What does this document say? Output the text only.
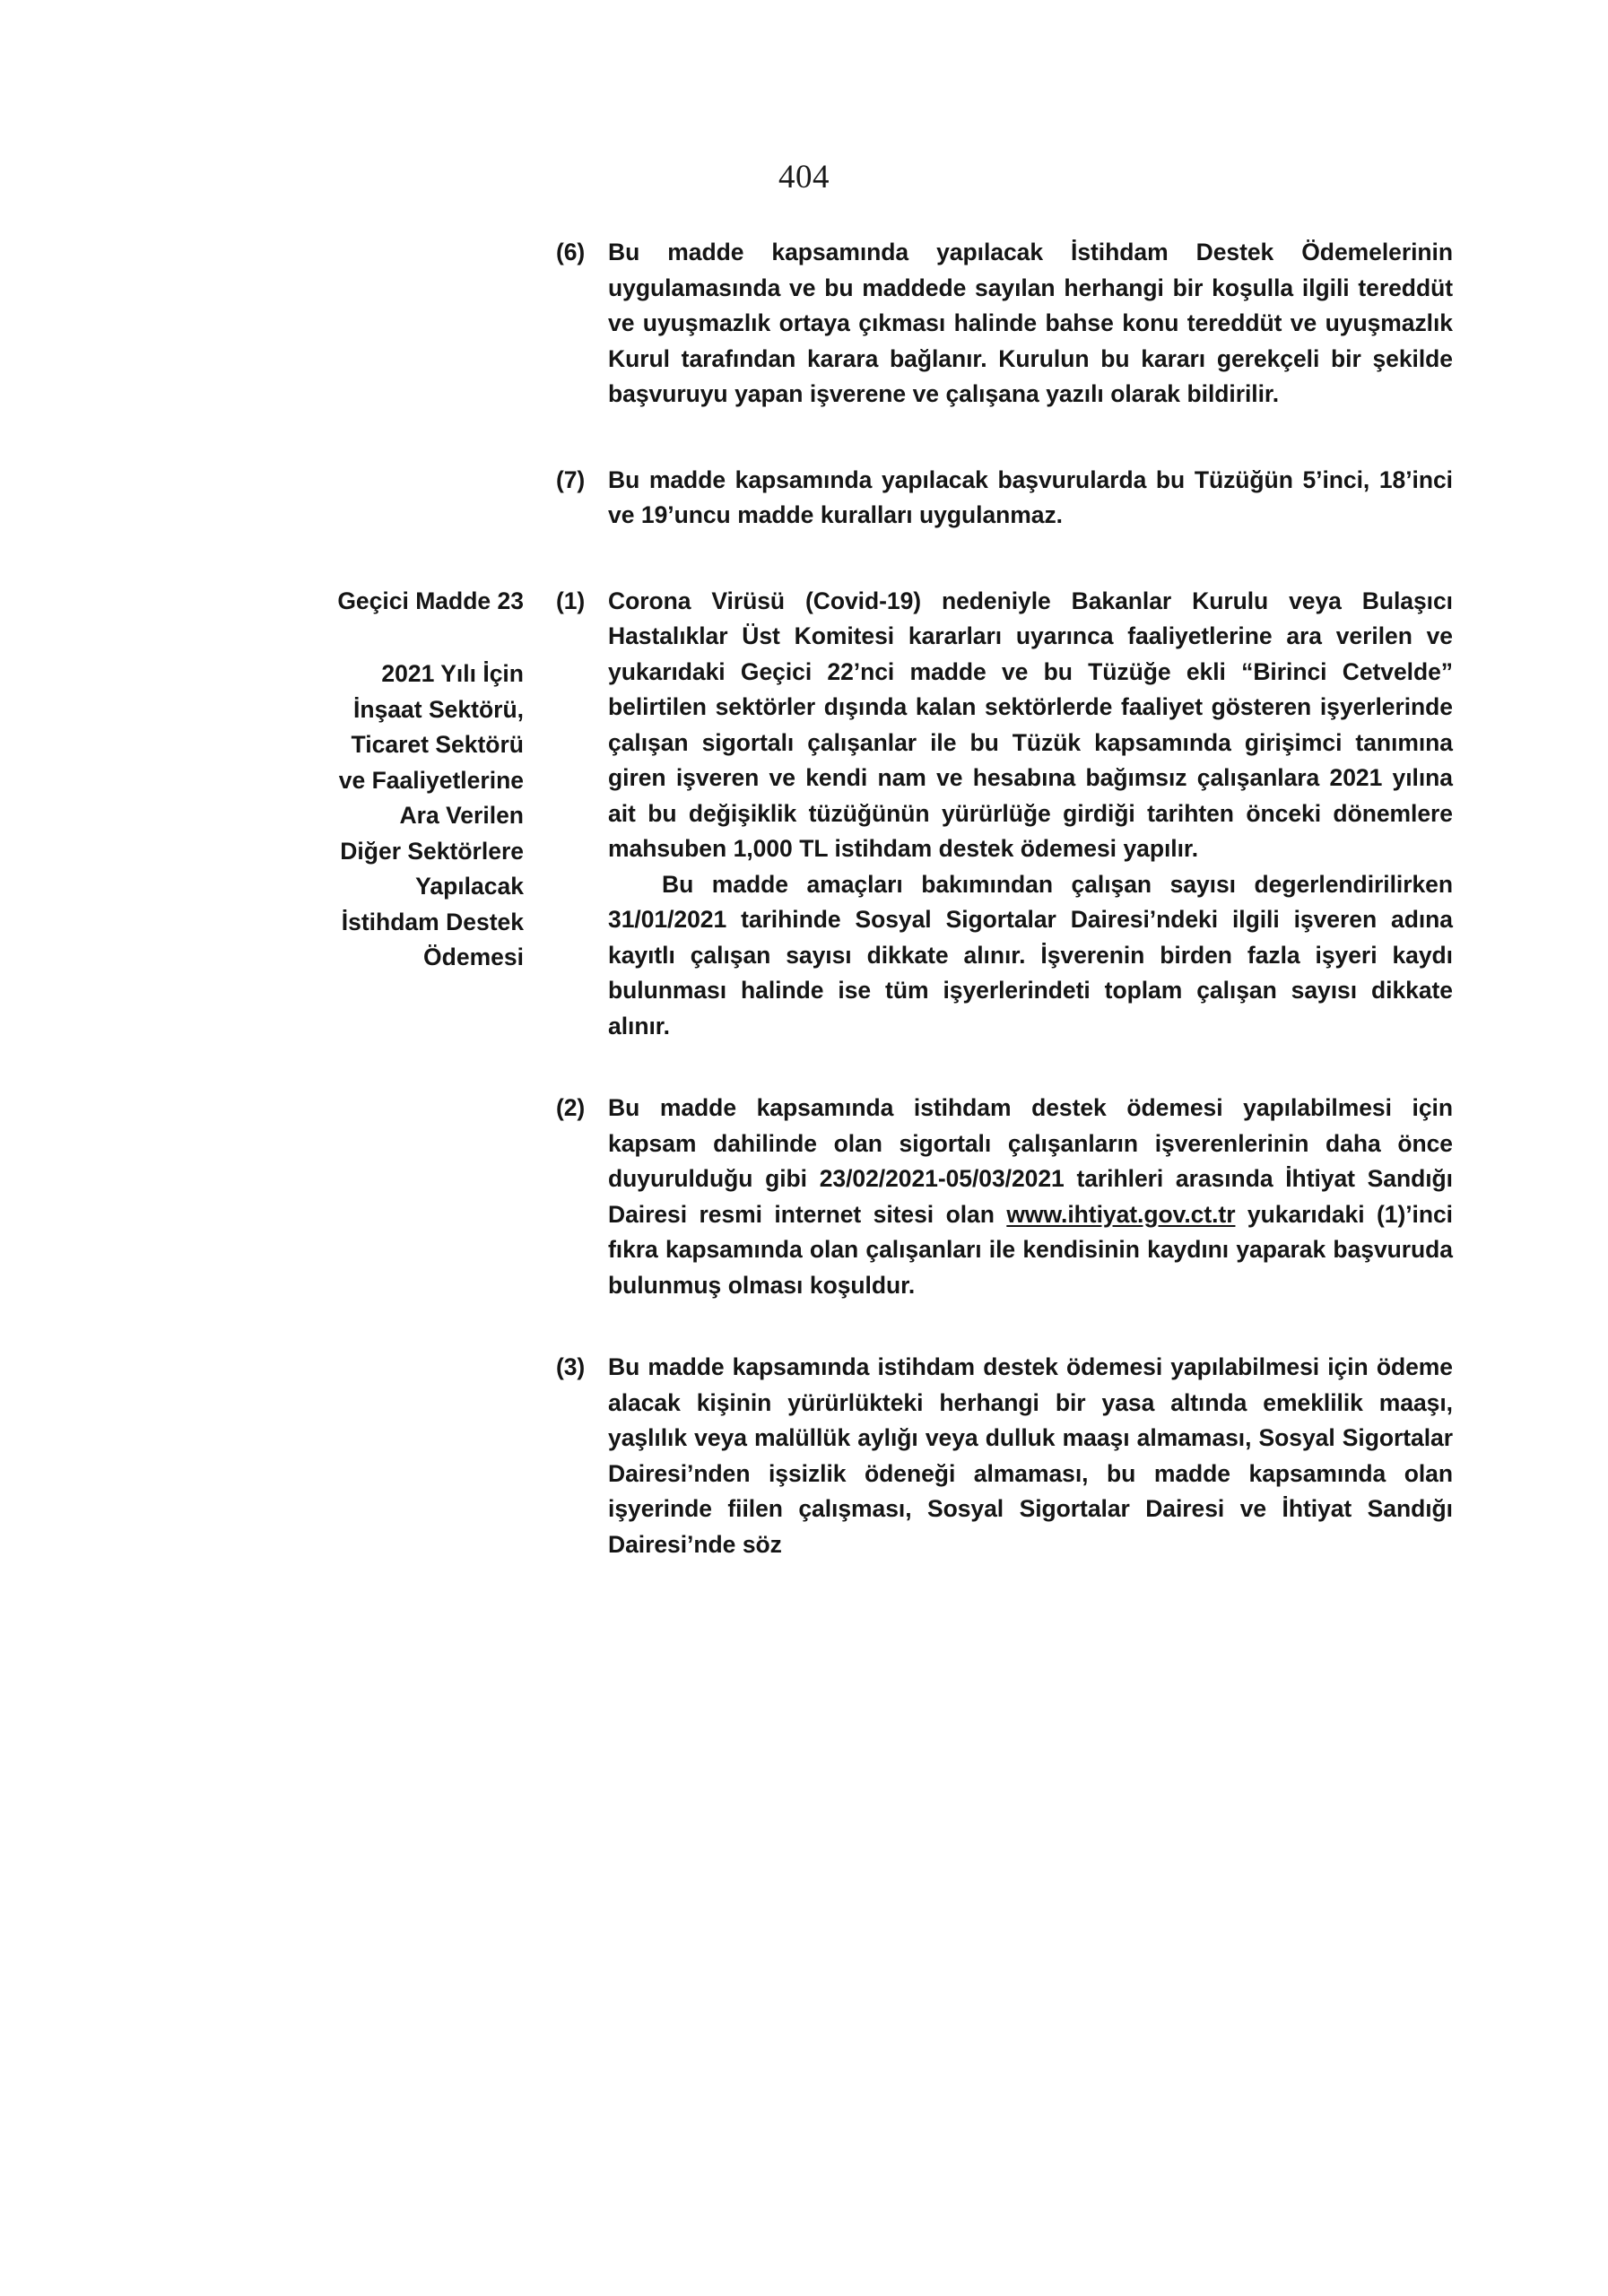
404
(6) Bu madde kapsamında yapılacak İstihdam Destek Ödemelerinin uygulamasında ve bu maddede sayılan herhangi bir koşulla ilgili tereddüt ve uyuşmazlık ortaya çıkması halinde bahse konu tereddüt ve uyuşmazlık Kurul tarafından karara bağlanır. Kurulun bu kararı gerekçeli bir şekilde başvuruyu yapan işverene ve çalışana yazılı olarak bildirilir.
(7) Bu madde kapsamında yapılacak başvurularda bu Tüzüğün 5’inci, 18’inci ve 19’uncu madde kuralları uygulanmaz.
Geçici Madde 23
2021 Yılı İçin
İnşaat Sektörü,
Ticaret Sektörü
ve Faaliyetlerine
Ara Verilen
Diğer Sektörlere
Yapılacak
İstihdam Destek
Ödemesi
(1) Corona Virüsü (Covid-19) nedeniyle Bakanlar Kurulu veya Bulaşıcı Hastalıklar Üst Komitesi kararları uyarınca faaliyetlerine ara verilen ve yukarıdaki Geçici 22’nci madde ve bu Tüzüğe ekli “Birinci Cetvelde” belirtilen sektörler dışında kalan sektörlerde faaliyet gösteren işyerlerinde çalışan sigortalı çalışanlar ile bu Tüzük kapsamında girişimci tanımına giren işveren ve kendi nam ve hesabına bağımsız çalışanlara 2021 yılına ait bu değişiklik tüzüğünün yürürlüğe girdiği tarihten önceki dönemlere mahsuben 1,000 TL istihdam destek ödemesi yapılır.
Bu madde amaçları bakımından çalışan sayısı degerlendirilirken 31/01/2021 tarihinde Sosyal Sigortalar Dairesi’ndeki ilgili işveren adına kayıtlı çalışan sayısı dikkate alınır. İşverenin birden fazla işyeri kaydı bulunması halinde ise tüm işyerlerindeti toplam çalışan sayısı dikkate alınır.
(2) Bu madde kapsamında istihdam destek ödemesi yapılabilmesi için kapsam dahilinde olan sigortalı çalışanların işverenlerinin daha önce duyurulduğu gibi 23/02/2021-05/03/2021 tarihleri arasında İhtiyat Sandığı Dairesi resmi internet sitesi olan www.ihtiyat.gov.ct.tr yukarıdaki (1)’inci fıkra kapsamında olan çalışanları ile kendisinin kaydını yaparak başvuruda bulunmuş olması koşuldur.
(3) Bu madde kapsamında istihdam destek ödemesi yapılabilmesi için ödeme alacak kişinin yürürlükteki herhangi bir yasa altında emeklilik maaşı, yaşlılık veya malüllük aylığı veya dulluk maaşı almaması, Sosyal Sigortalar Dairesi’nden işsizlik ödeneği almaması, bu madde kapsamında olan işyerinde fiilen çalışması, Sosyal Sigortalar Dairesi ve İhtiyat Sandığı Dairesi’nde söz
